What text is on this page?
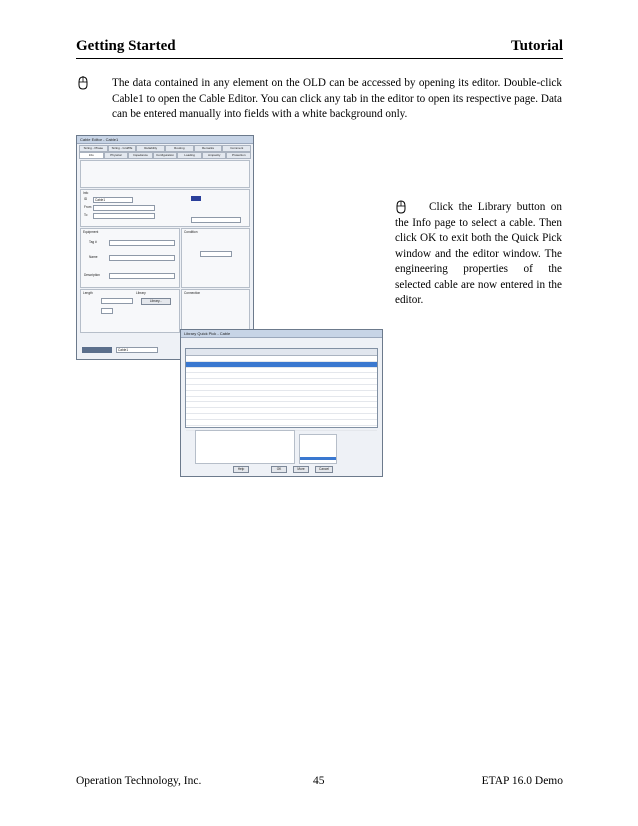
Getting Started	Tutorial
The data contained in any element on the OLD can be accessed by opening its editor. Double-click Cable1 to open the Cable Editor. You can click any tab in the editor to open its respective page. Data can be entered manually into fields with a white background only.
Cable Editor - Cable1
Sizing - Phase	Sizing - Grd/PE	Reliability	Routing	Remarks	Comment
Info	Physical	Impedance	Configuration	Loading	Ampacity	Protection
Info
ID Cable1
From
To
Equipment
Tag #
Name
Description
Condition
Length	Library
Library...
Connection
Cable1
Library Quick Pick - Cable
Help	OK	More	Cancel
Click the Library button on the Info page to select a cable. Then click OK to exit both the Quick Pick window and the editor window. The engineering properties of the selected cable are now entered in the editor.
Operation Technology, Inc.	45	ETAP 16.0 Demo
